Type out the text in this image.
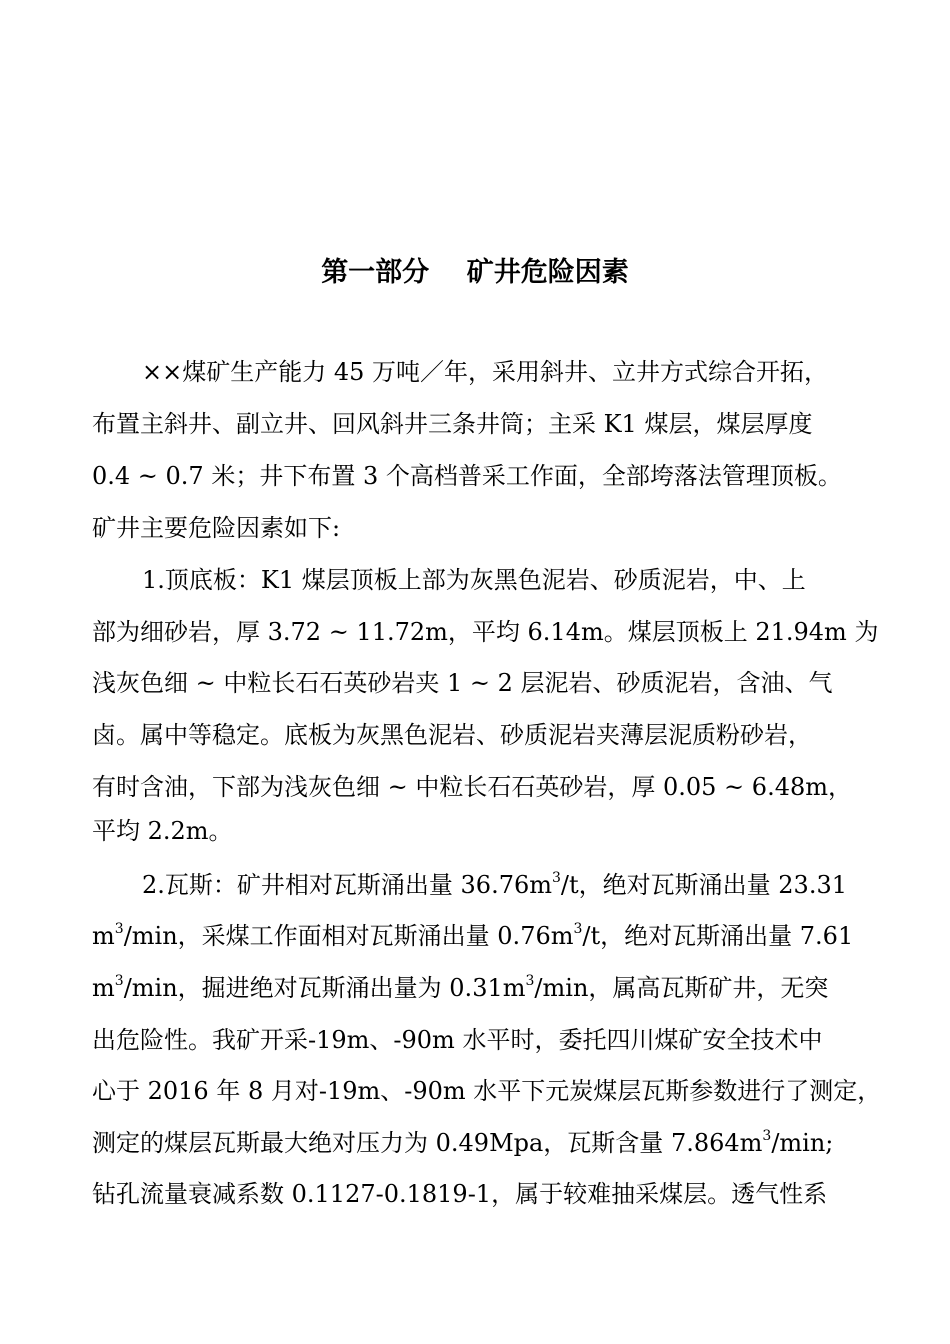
第一部分    矿井危险因素
××煤矿生产能力 45 万吨／年，采用斜井、立井方式综合开拓，
布置主斜井、副立井、回风斜井三条井筒；主采 K1 煤层，煤层厚度
0.4 ~ 0.7 米；井下布置 3 个高档普采工作面，全部垮落法管理顶板。
矿井主要危险因素如下:
1.顶底板：K1 煤层顶板上部为灰黑色泥岩、砂质泥岩，中、上
部为细砂岩，厚 3.72 ~ 11.72m，平均 6.14m。煤层顶板上 21.94m 为
浅灰色细 ~ 中粒长石石英砂岩夹 1 ~ 2 层泥岩、砂质泥岩，含油、气
卤。属中等稳定。底板为灰黑色泥岩、砂质泥岩夹薄层泥质粉砂岩，
有时含油，下部为浅灰色细 ~ 中粒长石石英砂岩，厚 0.05 ~ 6.48m，
平均 2.2m。
2.瓦斯：矿井相对瓦斯涌出量 $36.76m^3/t$，绝对瓦斯涌出量 23.31
$m^3/\min$，采煤工作面相对瓦斯涌出量 $0.76m^3/t$，绝对瓦斯涌出量 7.61
$m^3/\min$，掘进绝对瓦斯涌出量为 $0.31m^3/\min$，属高瓦斯矿井，无突
出危险性。我矿开采-19m、-90m 水平时，委托四川煤矿安全技术中
心于 2016 年 8 月对-19m、-90m 水平下元炭煤层瓦斯参数进行了测定，
测定的煤层瓦斯最大绝对压力为 0.49Mpa，瓦斯含量 $7.864m^3/\min$;
钻孔流量衰减系数 0.1127-0.1819-1，属于较难抽采煤层。透气性系
